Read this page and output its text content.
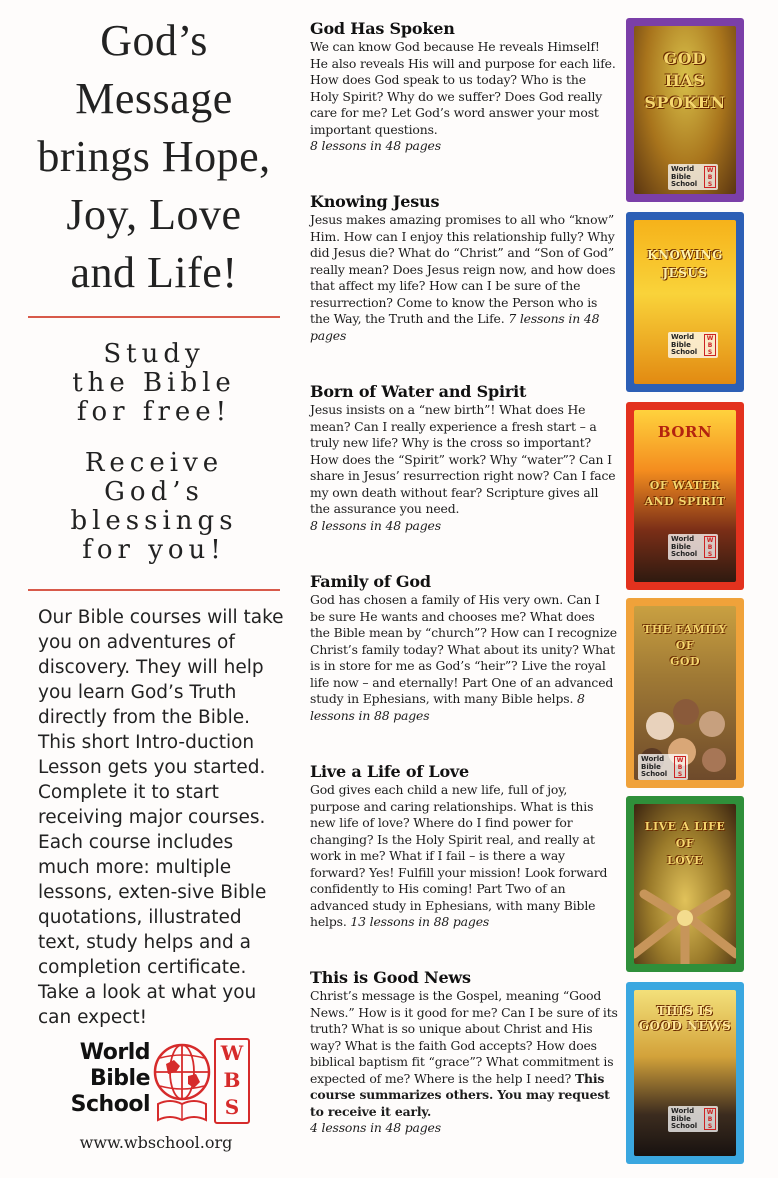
God’s
Message
brings Hope,
Joy, Love
and Life!
Study
the Bible
for free!
Receive
God’s
blessings
for you!

Our Bible courses will take you on adventures of discovery. They will help you learn God’s Truth directly from the Bible. This short Intro-duction Lesson gets you started. Complete it to start receiving major courses. Each course includes much more: multiple lessons, exten-sive Bible quotations, illustrated text, study helps and a completion certificate. Take a look at what you can expect!

World
Bible
School
W
B
S
www.wbschool.org
God Has Spoken
We can know God because He reveals Himself! He also reveals His will and purpose for each life. How does God speak to us today? Who is the Holy Spirit? Why do we suffer? Does God really care for me? Let God’s word answer your most important questions.
8 lessons in 48 pages
Knowing Jesus
Jesus makes amazing promises to all who “know” Him. How can I enjoy this relationship fully? Why did Jesus die? What do “Christ” and “Son of God” really mean? Does Jesus reign now, and how does that affect my life? How can I be sure of the resurrection? Come to know the Person who is the Way, the Truth and the Life. 7 lessons in 48 pages
Born of Water and Spirit
Jesus insists on a “new birth”! What does He mean? Can I really experience a fresh start – a truly new life? Why is the cross so important? How does the “Spirit” work? Why “water”? Can I share in Jesus’ resurrection right now? Can I face my own death without fear? Scripture gives all the assurance you need.
8 lessons in 48 pages
Family of God
God has chosen a family of His very own. Can I be sure He wants and chooses me? What does the Bible mean by “church”? How can I recognize Christ’s family today? What about its unity? What is in store for me as God’s “heir”? Live the royal life now – and eternally! Part One of an advanced study in Ephesians, with many Bible helps. 8 lessons in 88 pages
Live a Life of Love
God gives each child a new life, full of joy, purpose and caring relationships. What is this new life of love? Where do I find power for changing? Is the Holy Spirit real, and really at work in me? What if I fail – is there a way forward? Yes! Fulfill your mission! Look forward confidently to His coming! Part Two of an advanced study in Ephesians, with many Bible helps. 13 lessons in 88 pages
This is Good News
Christ’s message is the Gospel, meaning “Good News.” How is it good for me? Can I be sure of its truth? What is so unique about Christ and His way? What is the faith God accepts? How does biblical baptism fit “grace”? What commitment is expected of me? Where is the help I need? This course summarizes others. You may request to receive it early.
4 lessons in 48 pages
GOD
HAS
SPOKEN
World
Bible
School
W
B
S
KNOWING
JESUS
World
Bible
School
W
B
S
BORN
OF WATER
AND SPIRIT
World
Bible
School
W
B
S
THE FAMILY
OF
GOD
World
Bible
School
W
B
S
LIVE A LIFE
OF
LOVE
THIS IS
GOOD NEWS
World
Bible
School
W
B
S
